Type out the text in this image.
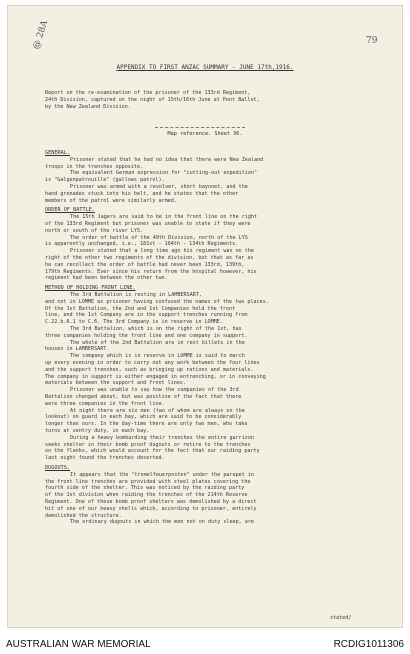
@ 28A	79
APPENDIX TO FIRST ANZAC SUMMARY - JUNE 17th,1916.
Report on the re-examination of the prisoner of the 133rd Regiment,
24th Division, captured on the night of 15th/16th June at Pont Ballot,
by the New Zealand Division.
Map reference. Sheet 36.
GENERAL.
Prisoner stated that he had no idea that there were New Zealand
troops in the trenches opposite.
The equivalent German expression for "cutting-out expedition"
is "Galgenpatrouille" (gallows patrol).
Prisoner was armed with a revolver, short bayonet, and the
hand grenades stuck into his belt, and he states that the other
members of the patrol were similarly armed.
ORDER OF BATTLE.
The 15th Jagers are said to be in the front line on the right
of the 133rd Regiment but prisoner was unable to state if they were
north or south of the river LYS.
The order of battle of the 40th Division, north of the LYS
is apparently unchanged, i.e., 181st - 104th - 134th Regiments.
Prisoner stated that a long time ago his regiment was on the
right of the other two regiments of the division, but that as far as
he can recollect the order of battle had never been 133rd, 139th,
179th Regiments. Ever since his return from the hospital however, his
regiment had been between the other two.
METHOD OF HOLDING FRONT LINE.
The 3rd Battalion is resting in LAMBERSART,
and not in LOMME as prisoner having confused the names of the two places.
Of the 1st Battalion, the 2nd and 1st Companies hold the front
line, and the 1st Company are in the support trenches running from
C.22.b.6.1 to C.6. The 3rd Company is in reserve in LOMME.
The 3rd Battalion, which is on the right of the 1st, has
three companies holding the front line and one company in support.
The whole of the 2nd Battalion are in rest billets in the
houses in LAMBERSART.
The company which is in reserve in LOMME is said to march
up every evening in order to carry out any work between the four lines
and the support trenches, such as bringing up rations and materials.
The company in support is either engaged in entrenching, or in conveying
materials between the support and front lines.
Prisoner was unable to say how the companies of the 3rd
Battalion changed about, but was positive of the fact that there
were three companies in the front line.
At night there are six men (two of whom are always on the
lookout) on guard in each bay, which are said to be considerably
longer than ours. In the day-time there are only two men, who take
turns at sentry duty, in each bay.
During a heavy bombarding their trenches the entire garrison
seeks shelter in their bomb proof dugouts or retire to the trenches
on the flanks, which would account for the fact that our raiding party
last night found the trenches deserted.
DUGOUTS.
It appears that the "tromelfeuerposten" under the parapet in
the front line trenches are provided with steel plates covering the
fourth side of the shelter. This was noticed by the raiding party
of the 1st division when raiding the trenches of the 214th Reserve
Regiment. One of these bomb proof shelters was demolished by a direct
hit of one of our heavy shells which, according to prisoner, entirely
demolished the structure.
The ordinary dugouts in which the men not on duty sleep, are
stated/
AUSTRALIAN WAR MEMORIAL	RCDIG1011306
